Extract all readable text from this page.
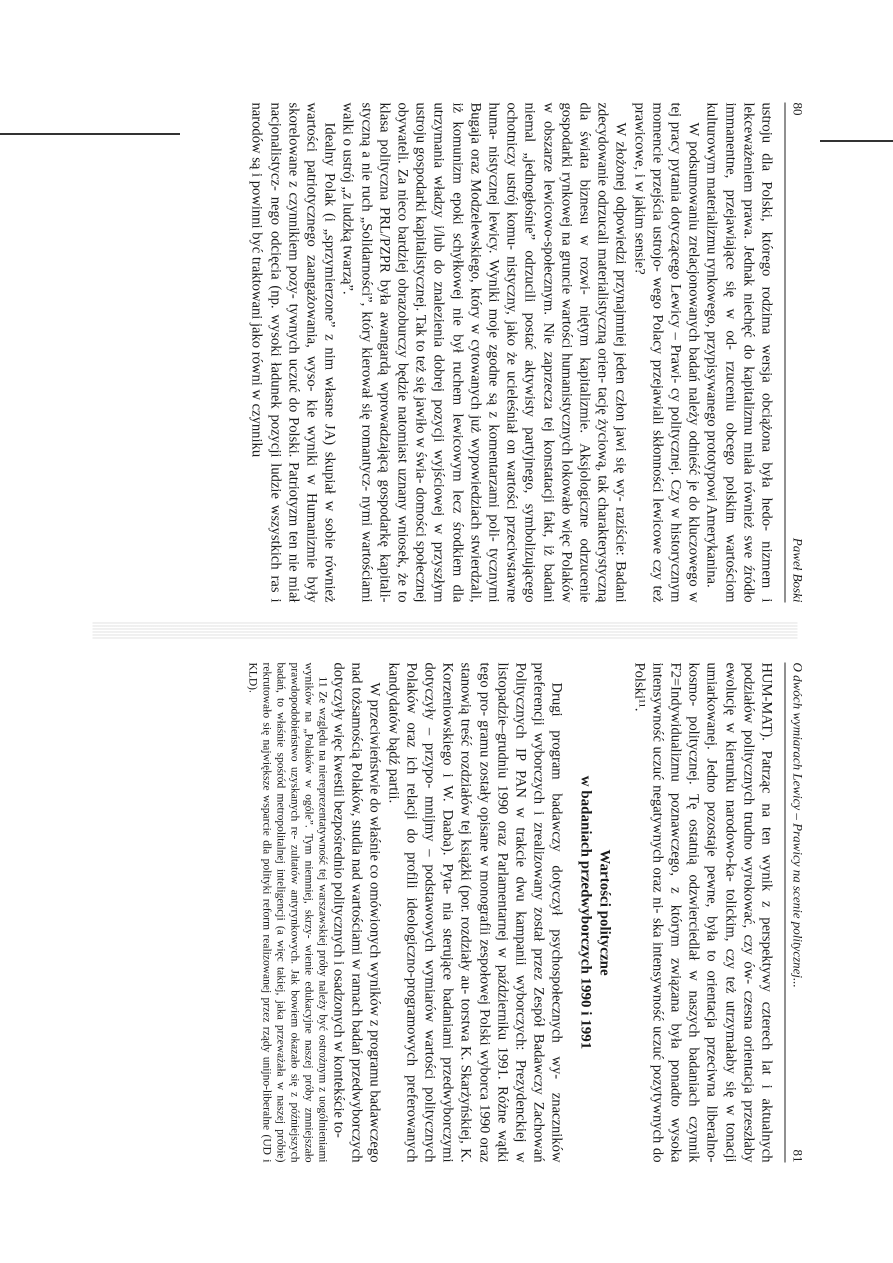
80
Paweł Boski

ustroju dla Polski, którego rodzima wersja obciążona była hedo- nizmem i lekceważeniem prawa. Jednak niechęć do kapitalizmu miała również swe źródło immanentne, przejawiające się w od- rzuceniu obcego polskim wartościom kulturowym materializmu rynkowego, przypisywanego prototypowi Amerykanina.

W podsumowaniu zrelacjonowanych badań należy odnieść je do kluczowego w tej pracy pytania dotyczącego Lewicy – Prawi- cy politycznej. Czy w historycznym momencie przejścia ustrojo- wego Polacy przejawiali skłonności lewicowe czy też prawicowe, i w jakim sensie?

W złożonej odpowiedzi przynajmniej jeden człon jawi się wy- raziście: Badani zdecydowanie odrzucali materialistyczną orien- tację życiową, tak charakterystyczną dla świata biznesu w rozwi- niętym kapitalizmie. Aksjologiczne odrzucenie gospodarki rynkowej na gruncie wartości humanistycznych lokowało więc Polaków w obszarze lewicowo-społecznym. Nie zaprzecza tej konstatacji fakt, iż badani niemal „jednogłośnie” odrzucili postać aktywisty partyjnego, symbolizującego ochotniczy ustrój komu- nistyczny, jako że ucieleśniał on wartości przeciwstawne huma- nistycznej lewicy. Wyniki moje zgodne są z komentarzami poli- tycznymi Bugaja oraz Modzelewskiego, który w cytowanych już wypowiedziach stwierdzali, iż komunizm epoki schyłkowej nie był ruchem lewicowym lecz środkiem dla utrzymania władzy i/lub do znalezienia dobrej pozycji wyjściowej w przyszłym ustroju gospodarki kapitalistycznej. Tak to też się jawiło w świa- domości społecznej obywateli. Za nieco bardziej obrazoburczy będzie natomiast uznany wniosek, że to klasa polityczna PRL/PZPR była awangardą wprowadzającą gospodarkę kapitali- styczną a nie ruch „Solidarności”, który kierował się romantycz- nymi wartościami walki o ustrój „z ludzką twarzą”.

Idealny Polak (i „sprzymierzone” z nim własne JA) skupiał w sobie również wartości patriotycznego zaangażowania, wyso- kie wyniki w Humanizmie były skorelowane z czynnikiem pozy- tywnych uczuć do Polski. Patriotyzm ten nie miał nacjonalistycz- nego odcięcia (np. wysoki ładunek pozycji ludzie wszystkich ras i narodów są i powinni być traktowani jako równi w czynniku

O dwóch wymiarach Lewicy – Prawicy na scenie politycznej...
81

HUM-MAT). Patrząc na ten wynik z perspektywy czterech lat i aktualnych podziałów politycznych trudno wyrokować, czy ów- czesna orientacja przeszłaby ewolucję w kierunku narodowo-ka- tolickim, czy też utrzymałaby się w tonacji umiarkowanej. Jedno pozostaje pewne, była to orientacja przeciwna liberalno-kosmo- politycznej. Tę ostatnią odzwierciedlał w naszych badaniach czynnik F2=Indywidualizmu poznawczego, z którym związana była ponadto wysoka intensywność uczuć negatywnych oraz ni- ska intensywność uczuć pozytywnych do Polski¹¹.

Wartości polityczne
w badaniach przedwyborczych 1990 i 1991

Drugi program badawczy dotyczył psychospołecznych wy- znaczników preferencji wyborczych i zrealizowany został przez Zespół Badawczy Zachowań Politycznych IP PAN w trakcie dwu kampanii wyborczych: Prezydenckiej w listopadzie–grudniu 1990 oraz Parlamentarnej w październiku 1991. Różne wątki tego pro- gramu zostały opisane w monografii zespołowej Polski wyborca 1990 oraz stanowią treść rozdziałów tej książki (por. rozdziały au- torstwa K. Skarżyńskiej, K. Korzeniowskiego i W. Daaba). Pyta- nia sterujące badaniami przedwyborczymi dotyczyły – przypo- mnijmy – podstawowych wymiarów wartości politycznych Polaków oraz ich relacji do profili ideologiczno-programowych preferowanych kandydatów bądź partii.

W przeciwieństwie do właśnie co omówionych wyników z programu badawczego nad tożsamością Polaków, studia nad wartościami w ramach badań przedwyborczych dotyczyły więc kwestii bezpośrednio politycznych i osadzonych w kontekście to-

11 Ze względu na niereprezentatywność tej warszawskiej próby należy być ostrożnym z uogólnieniami wyników na „Polaków w ogóle”. Tym niemniej, skrzy- wienie edukacyjne naszej próby zmniejszało prawdopodobieństwo uzyskanych re- zultatów antyrynkowych. Jak bowiem okazało się z późniejszych badań, to właśnie spośród metropolitalnej inteligencji (a więc takiej, jaka przeważała w naszej próbie) rekrutowało się największe wsparcie dla polityki reform realizowanej przez rządy unijno-liberalne (UD i KLD).
